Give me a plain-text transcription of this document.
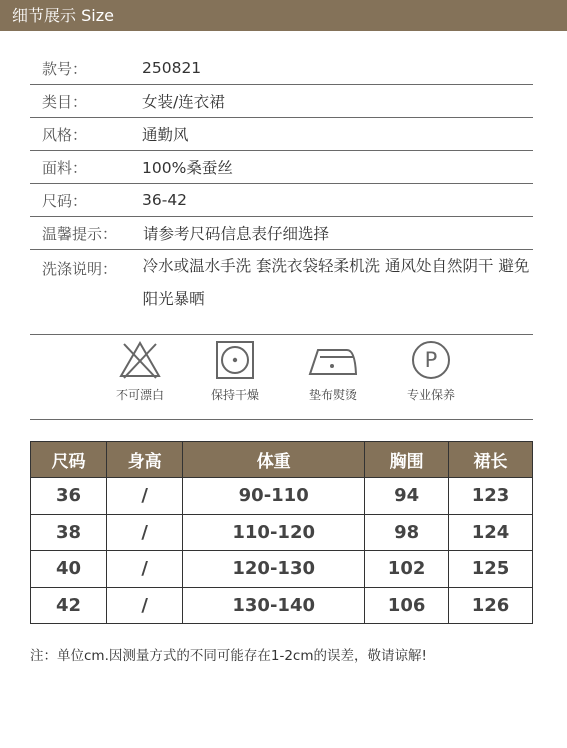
细节展示 Size
款号：	250821
类目：	女装/连衣裙
风格：	通勤风
面料：	100%桑蚕丝
尺码：	36-42
温馨提示：	请参考尺码信息表仔细选择
洗涤说明：	冷水或温水手洗 套洗衣袋轻柔机洗 通风处自然阴干 避免阳光暴晒
不可漂白	保持干燥	垫布熨烫
P
专业保养
尺码	身高	体重	胸围	裙长
36	/	90-110	94	123
38	/	110-120	98	124
40	/	120-130	102	125
42	/	130-140	106	126
注：单位cm.因测量方式的不同可能存在1-2cm的误差，敬请谅解!
